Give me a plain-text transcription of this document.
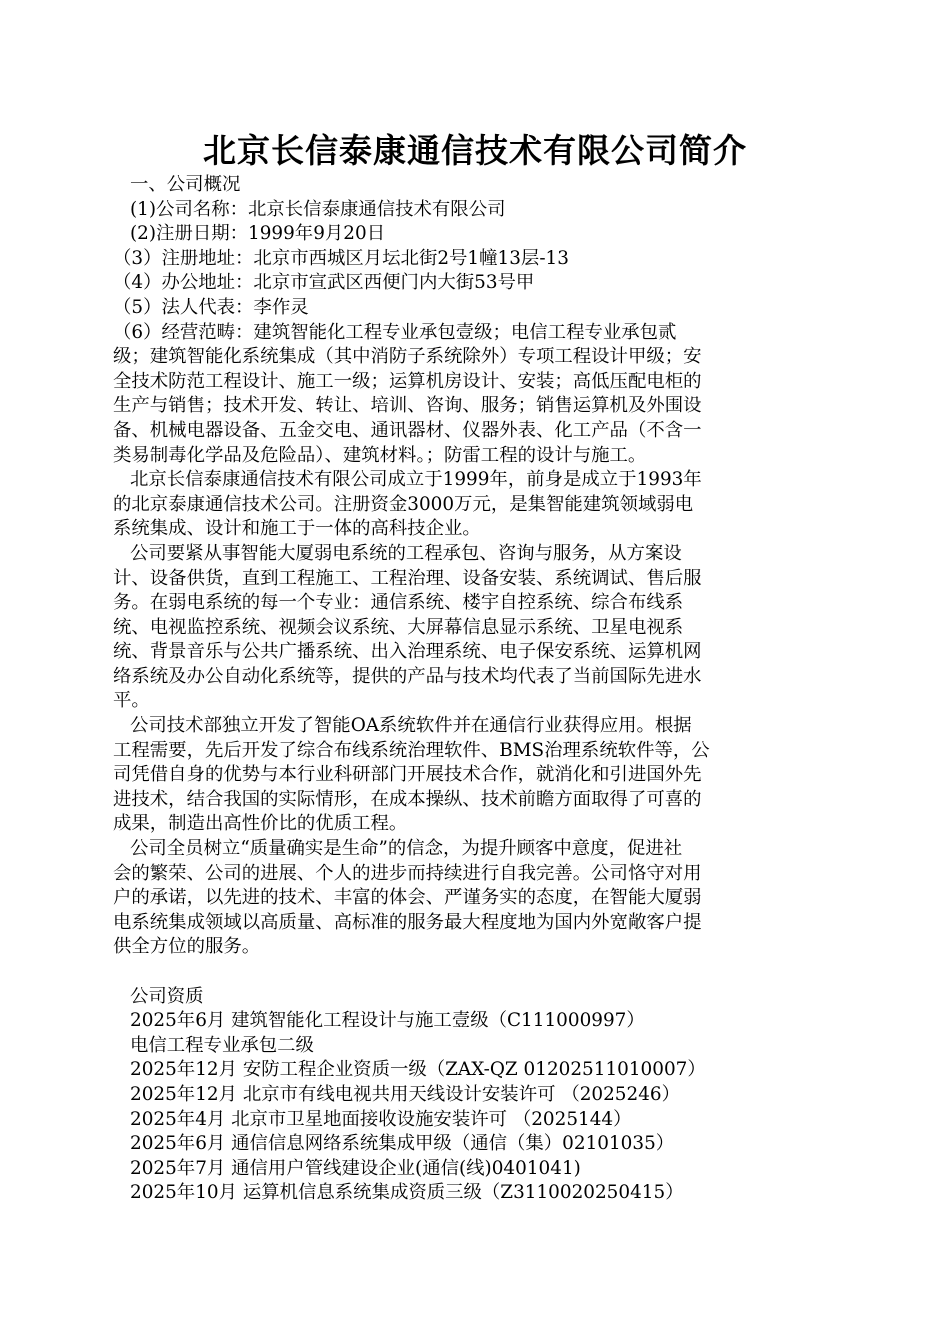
北京长信泰康通信技术有限公司简介
一、公司概况
(1)公司名称：北京长信泰康通信技术有限公司
(2)注册日期：1999年9月20日
（3）注册地址：北京市西城区月坛北街2号1幢13层-13
（4）办公地址：北京市宣武区西便门内大街53号甲
（5）法人代表：李作灵
（6）经营范畴：建筑智能化工程专业承包壹级；电信工程专业承包贰
级；建筑智能化系统集成（其中消防子系统除外）专项工程设计甲级；安
全技术防范工程设计、施工一级；运算机房设计、安装；高低压配电柜的
生产与销售；技术开发、转让、培训、咨询、服务；销售运算机及外围设
备、机械电器设备、五金交电、通讯器材、仪器外表、化工产品（不含一
类易制毒化学品及危险品）、建筑材料。；防雷工程的设计与施工。
北京长信泰康通信技术有限公司成立于1999年，前身是成立于1993年
的北京泰康通信技术公司。注册资金3000万元，是集智能建筑领域弱电
系统集成、设计和施工于一体的高科技企业。
公司要紧从事智能大厦弱电系统的工程承包、咨询与服务，从方案设
计、设备供货，直到工程施工、工程治理、设备安装、系统调试、售后服
务。在弱电系统的每一个专业：通信系统、楼宇自控系统、综合布线系
统、电视监控系统、视频会议系统、大屏幕信息显示系统、卫星电视系
统、背景音乐与公共广播系统、出入治理系统、电子保安系统、运算机网
络系统及办公自动化系统等，提供的产品与技术均代表了当前国际先进水
平。
公司技术部独立开发了智能OA系统软件并在通信行业获得应用。根据
工程需要，先后开发了综合布线系统治理软件、BMS治理系统软件等，公
司凭借自身的优势与本行业科研部门开展技术合作，就消化和引进国外先
进技术，结合我国的实际情形，在成本操纵、技术前瞻方面取得了可喜的
成果，制造出高性价比的优质工程。
公司全员树立“质量确实是生命”的信念，为提升顾客中意度，促进社
会的繁荣、公司的进展、个人的进步而持续进行自我完善。公司恪守对用
户的承诺，以先进的技术、丰富的体会、严谨务实的态度，在智能大厦弱
电系统集成领域以高质量、高标准的服务最大程度地为国内外宽敞客户提
供全方位的服务。
公司资质
2025年6月 建筑智能化工程设计与施工壹级（C111000997）
电信工程专业承包二级
2025年12月 安防工程企业资质一级（ZAX-QZ 01202511010007）
2025年12月 北京市有线电视共用天线设计安装许可 （2025246）
2025年4月 北京市卫星地面接收设施安装许可 （2025144）
2025年6月 通信信息网络系统集成甲级（通信（集）02101035）
2025年7月 通信用户管线建设企业(通信(线)0401041)
2025年10月 运算机信息系统集成资质三级（Z3110020250415）
